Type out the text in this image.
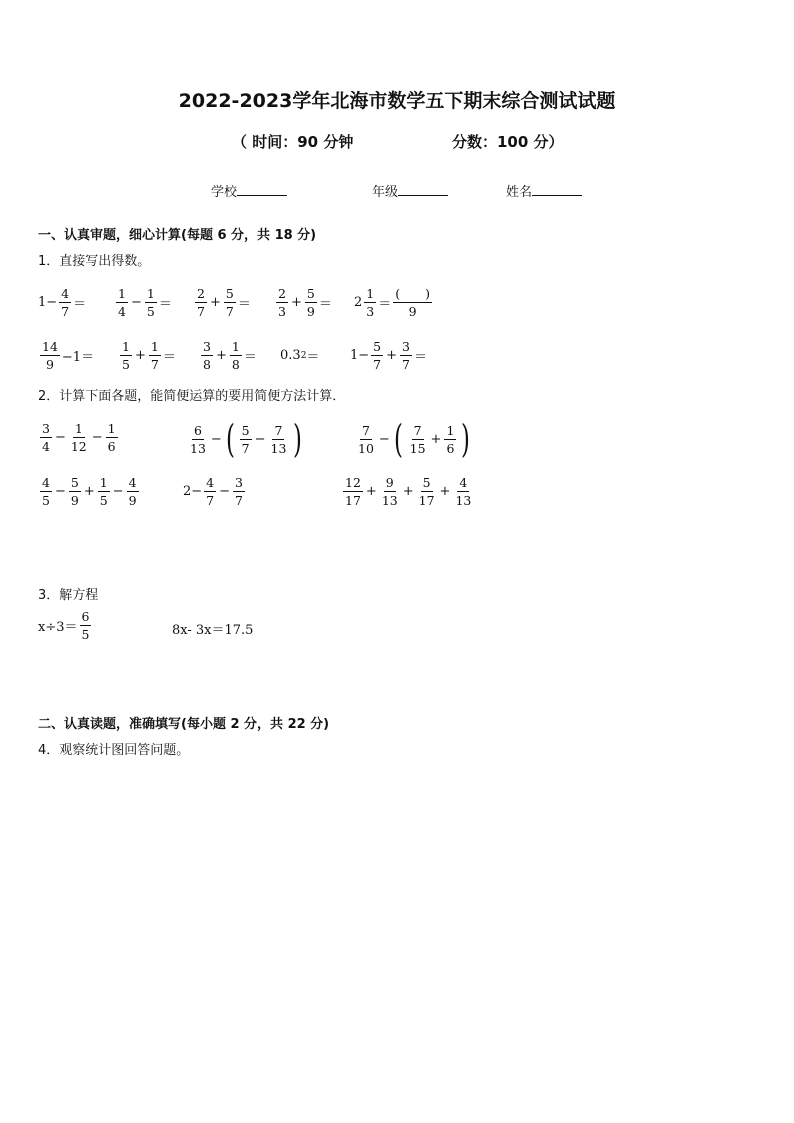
2022-2023学年北海市数学五下期末综合测试试题
（ 时间：90 分钟	分数：100 分）
学校	年级	姓名
一、认真审题，细心计算(每题 6 分，共 18 分)
1．直接写出得数。
$1- \frac{4}{7} = \frac{1}{4} - \frac{1}{5} = \frac{2}{7} + \frac{5}{7} = \frac{2}{3} + \frac{5}{9} = 2 \frac{1}{3} = \frac{( )}{9}$
$\frac{14}{9} -1= \frac{1}{5} + \frac{1}{7} = \frac{3}{8} + \frac{1}{8} = 0.3$ $2 = 1- \frac{5}{7} + \frac{3}{7}$ ＝
2．计算下面各题，能简便运算的要用简便方法计算．
$\frac{3}{4} - \frac{1}{12} - \frac{1}{6}$	$\frac{6}{13}$ − ( $\frac{5}{7} - \frac{7}{13}$ )	$\frac{7}{10}$ − ( $\frac{7}{15} + \frac{1}{6}$ )
$\frac{4}{5} - \frac{5}{9} + \frac{1}{5} - \frac{4}{9}$	$2- \frac{4}{7} - \frac{3}{7}$	$\frac{12}{17} + \frac{9}{13} + \frac{5}{17} + \frac{4}{13}$
3．解方程
$x\div 3= \frac{6}{5}$	8x- 3x＝17.5
二、认真读题，准确填写(每小题 2 分，共 22 分)
4．观察统计图回答问题。
